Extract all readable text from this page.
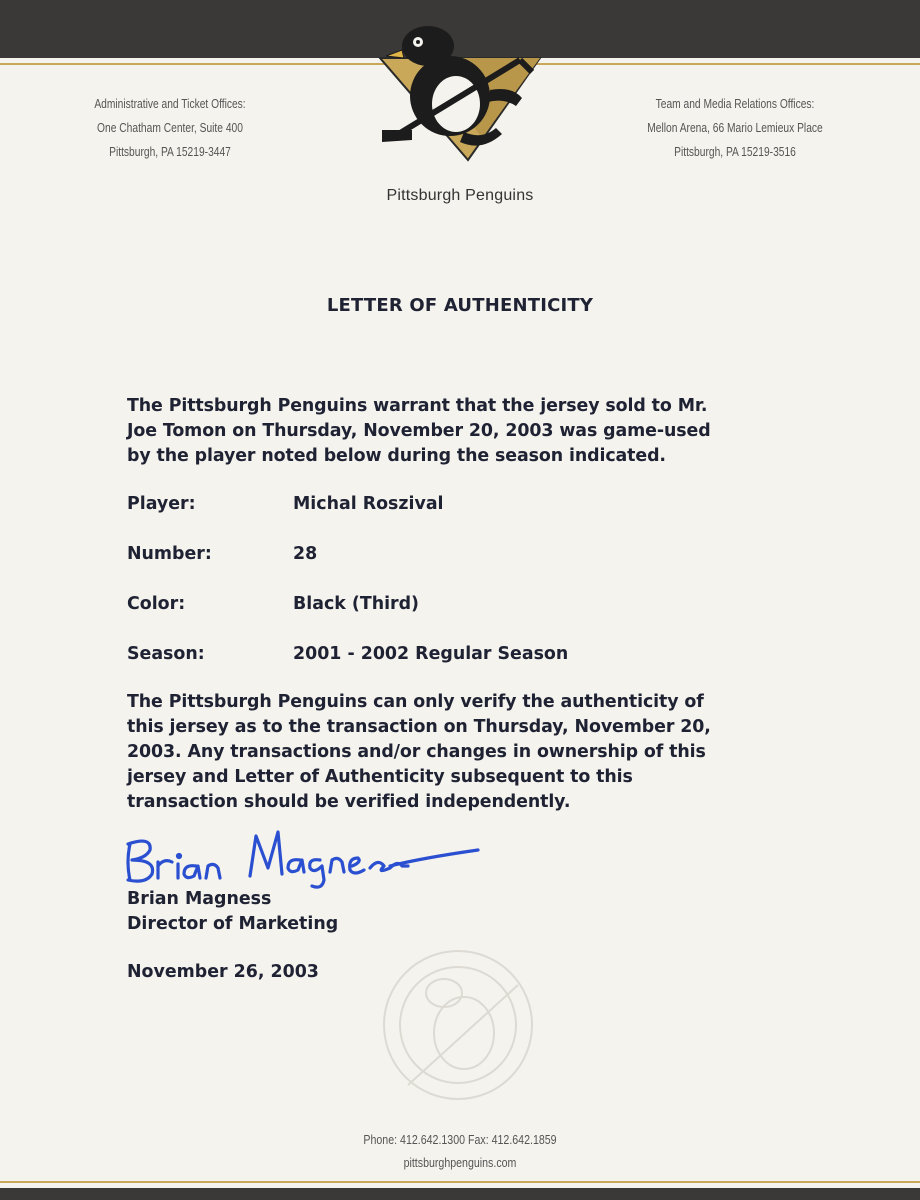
®
Pittsburgh Penguins
Administrative and Ticket Offices:
One Chatham Center, Suite 400
Pittsburgh, PA 15219-3447
Team and Media Relations Offices:
Mellon Arena, 66 Mario Lemieux Place
Pittsburgh, PA 15219-3516
LETTER OF AUTHENTICITY
The Pittsburgh Penguins warrant that the jersey sold to Mr.
Joe Tomon on Thursday, November 20, 2003 was game-used
by the player noted below during the season indicated.
Player:	Michal Roszival
Number:	28
Color:	Black (Third)
Season:	2001 - 2002 Regular Season
The Pittsburgh Penguins can only verify the authenticity of
this jersey as to the transaction on Thursday, November 20,
2003. Any transactions and/or changes in ownership of this
jersey and Letter of Authenticity subsequent to this
transaction should be verified independently.
Brian Magness
Director of Marketing
November 26, 2003
Phone: 412.642.1300 Fax: 412.642.1859
pittsburghpenguins.com
